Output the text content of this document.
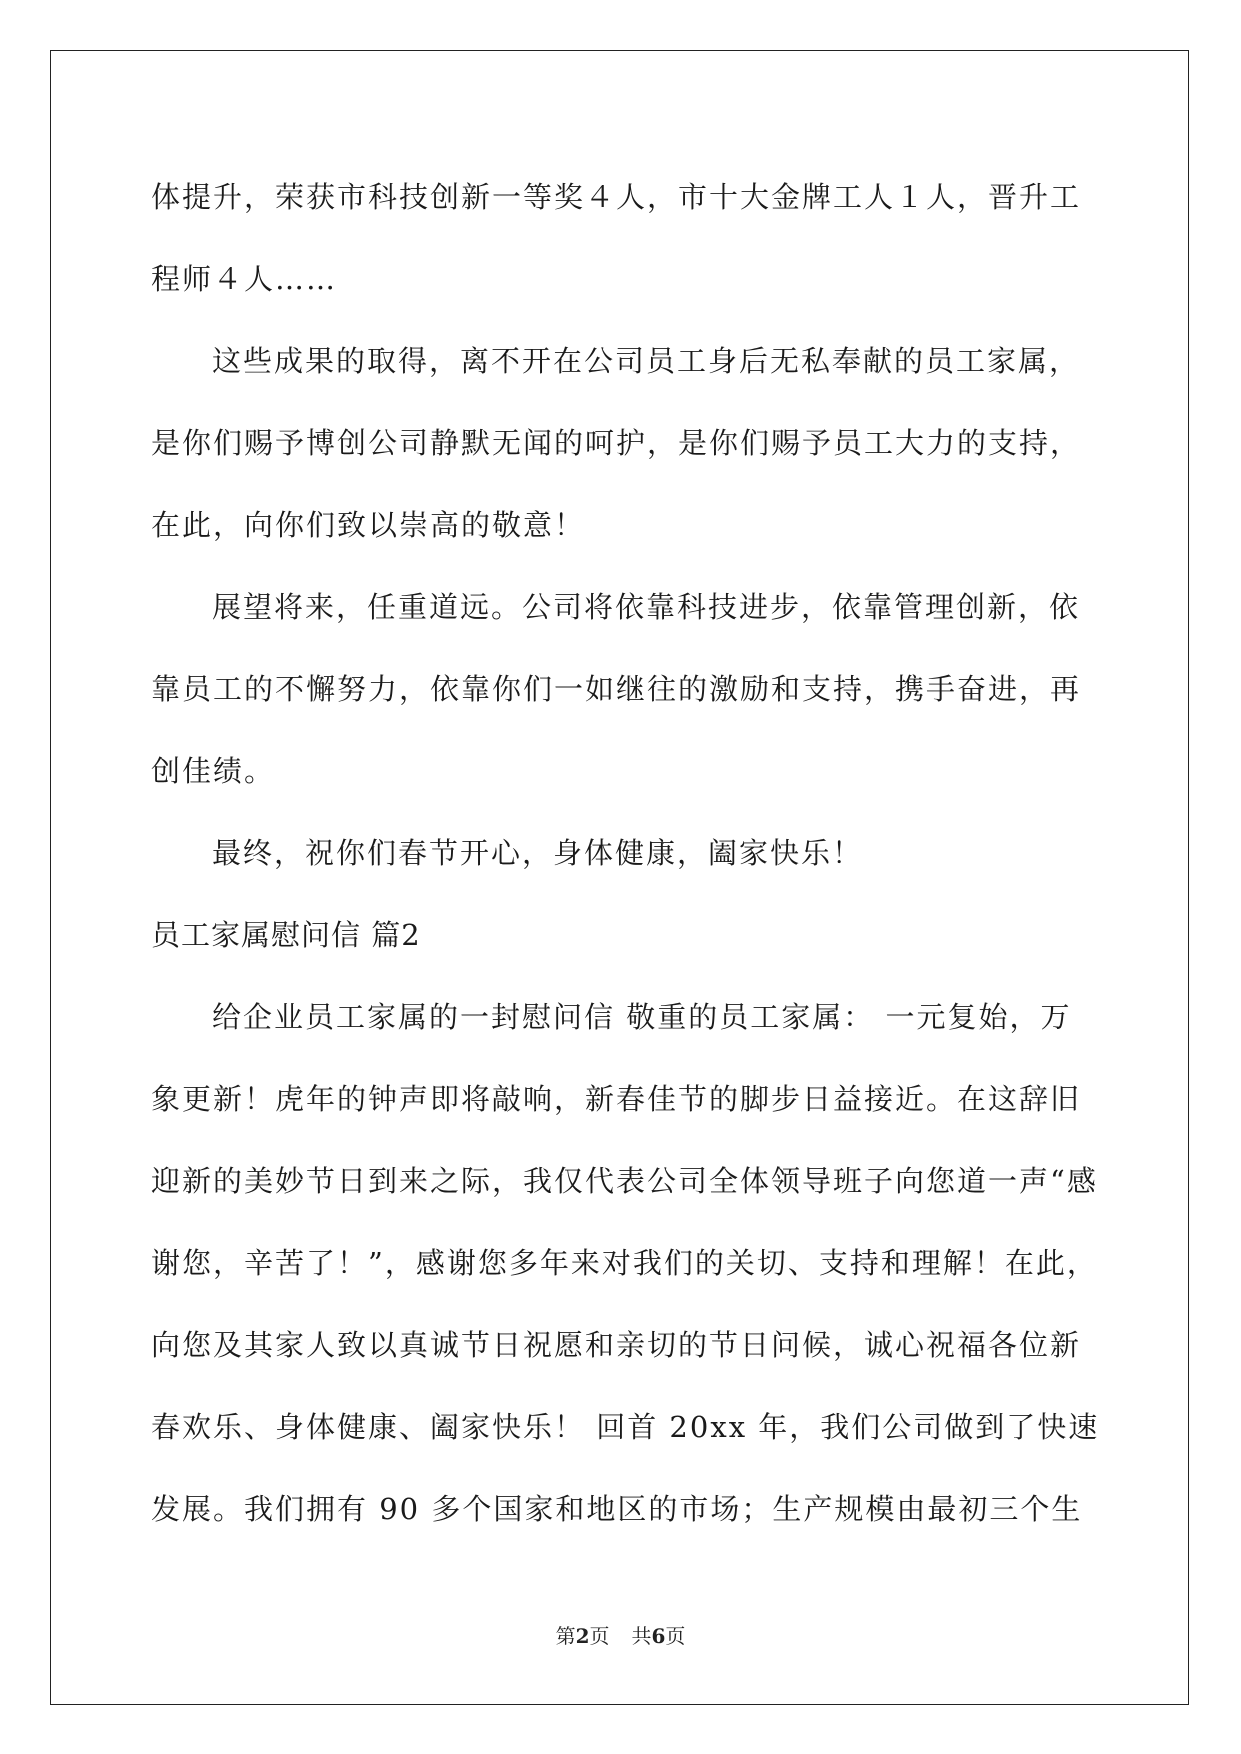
体提升，荣获市科技创新一等奖４人，市十大金牌工人１人，晋升工
程师４人……
这些成果的取得，离不开在公司员工身后无私奉献的员工家属，
是你们赐予博创公司静默无闻的呵护，是你们赐予员工大力的支持，
在此，向你们致以崇高的敬意！
展望将来，任重道远。公司将依靠科技进步，依靠管理创新，依
靠员工的不懈努力，依靠你们一如继往的激励和支持，携手奋进，再
创佳绩。
最终，祝你们春节开心，身体健康，阖家快乐！
员工家属慰问信 篇2
给企业员工家属的一封慰问信 敬重的员工家属： 一元复始，万
象更新！虎年的钟声即将敲响，新春佳节的脚步日益接近。在这辞旧
迎新的美妙节日到来之际，我仅代表公司全体领导班子向您道一声“感
谢您，辛苦了！”，感谢您多年来对我们的关切、支持和理解！在此，
向您及其家人致以真诚节日祝愿和亲切的节日问候，诚心祝福各位新
春欢乐、身体健康、阖家快乐！ 回首 20xx 年，我们公司做到了快速
发展。我们拥有 90 多个国家和地区的市场；生产规模由最初三个生
第2页 共6页
